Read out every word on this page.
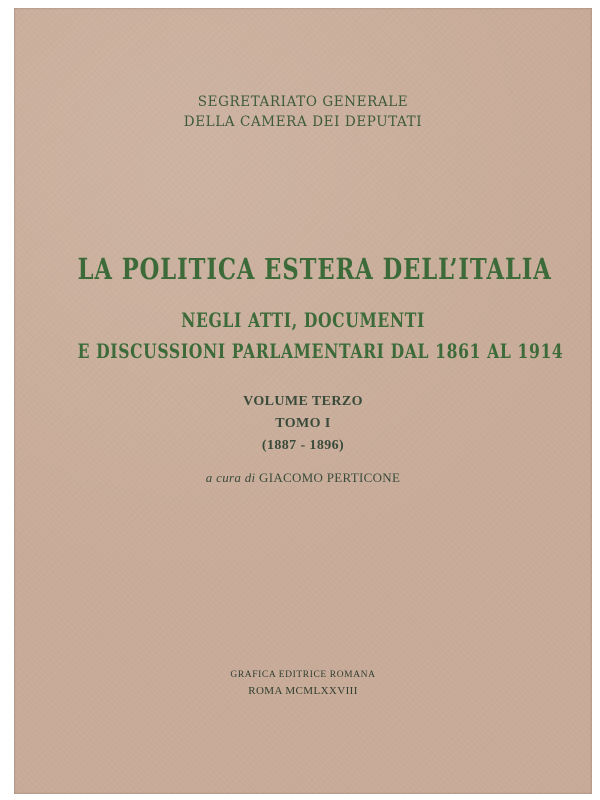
SEGRETARIATO GENERALE
DELLA CAMERA DEI DEPUTATI
LA POLITICA ESTERA DELL’ITALIA
NEGLI ATTI, DOCUMENTI
E DISCUSSIONI PARLAMENTARI DAL 1861 AL 1914
VOLUME TERZO
TOMO I
(1887 - 1896)
a cura di GIACOMO PERTICONE
GRAFICA EDITRICE ROMANA
ROMA MCMLXXVIII
